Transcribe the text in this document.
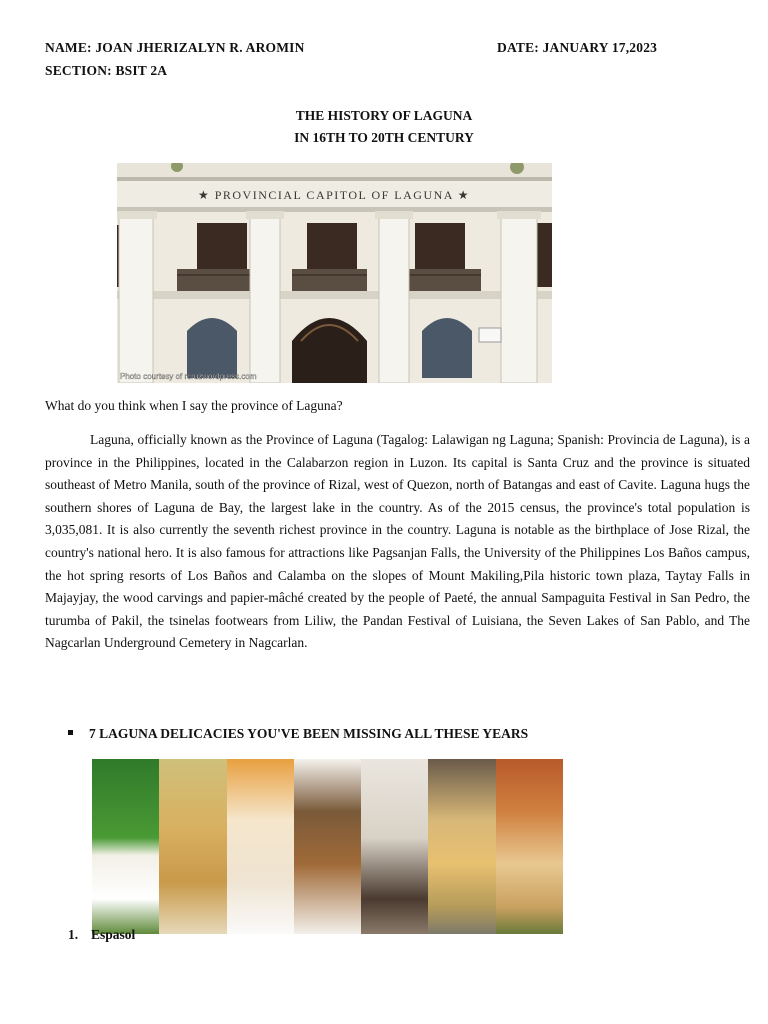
NAME: JOAN JHERIZALYN R. AROMIN	DATE: JANUARY 17,2023
SECTION: BSIT 2A
THE HISTORY OF LAGUNA
IN 16TH TO 20TH CENTURY
★ PROVINCIAL CAPITOL OF LAGUNA ★
Photo courtesy of rcruzwordpress.com
What do you think when I say the province of Laguna?

Laguna, officially known as the Province of Laguna (Tagalog: Lalawigan ng Laguna; Spanish: Provincia de Laguna), is a province in the Philippines, located in the Calabarzon region in Luzon. Its capital is Santa Cruz and the province is situated southeast of Metro Manila, south of the province of Rizal, west of Quezon, north of Batangas and east of Cavite. Laguna hugs the southern shores of Laguna de Bay, the largest lake in the country. As of the 2015 census, the province's total population is 3,035,081. It is also currently the seventh richest province in the country. Laguna is notable as the birthplace of Jose Rizal, the country's national hero. It is also famous for attractions like Pagsanjan Falls, the University of the Philippines Los Baños campus, the hot spring resorts of Los Baños and Calamba on the slopes of Mount Makiling,Pila historic town plaza, Taytay Falls in Majayjay, the wood carvings and papier-mâché created by the people of Paeté, the annual Sampaguita Festival in San Pedro, the turumba of Pakil, the tsinelas footwears from Liliw, the Pandan Festival of Luisiana, the Seven Lakes of San Pablo, and The Nagcarlan Underground Cemetery in Nagcarlan.

7 LAGUNA DELICACIES YOU'VE BEEN MISSING ALL THESE YEARS
1. Espasol
